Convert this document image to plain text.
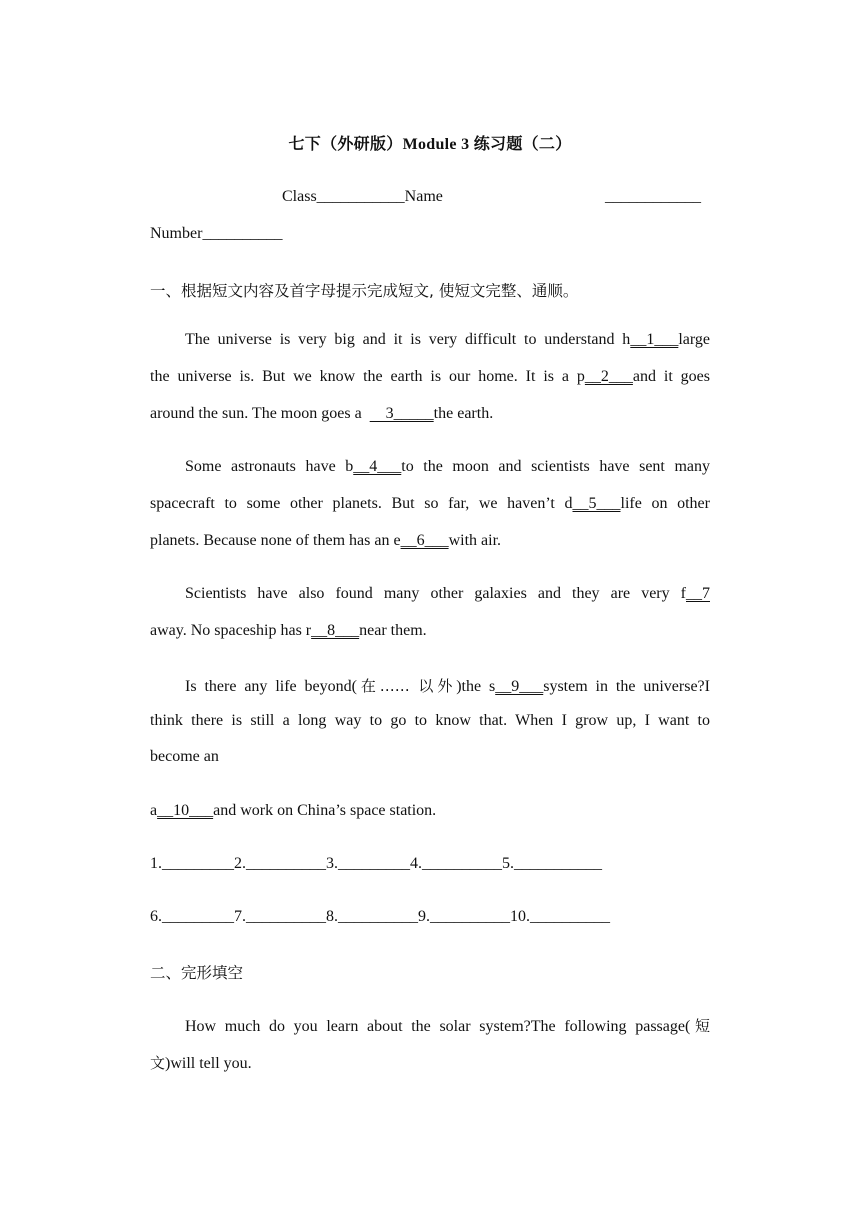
七下（外研版）Module 3 练习题（二）
Class___________Name	____________
Number__________
一、根据短文内容及首字母提示完成短文, 使短文完整、通顺。
The universe is very big and it is very difficult to understand h__1___large
the universe is. But we know the earth is our home. It is a p__2___and it goes
around the sun. The moon goes a      3_____the earth.
Some astronauts have b__4___to the moon and scientists have sent many
spacecraft to some other planets. But so far, we haven’t d__5___life on other
planets. Because none of them has an e__6___with air.
Scientists have also found many other galaxies and they are very f__7
away. No spaceship has r__8___near them.
Is there any life beyond(在…… 以外)the s__9___system in the universe?I
think there is still a long way to go to know that. When I grow up, I want to
become an
a__10___and work on China’s space station.
1._________2.__________3._________4.__________5.___________
6._________7.__________8.__________9.__________10.__________
二、完形填空
How much do you learn about the solar system?The following passage(短
文)will tell you.
